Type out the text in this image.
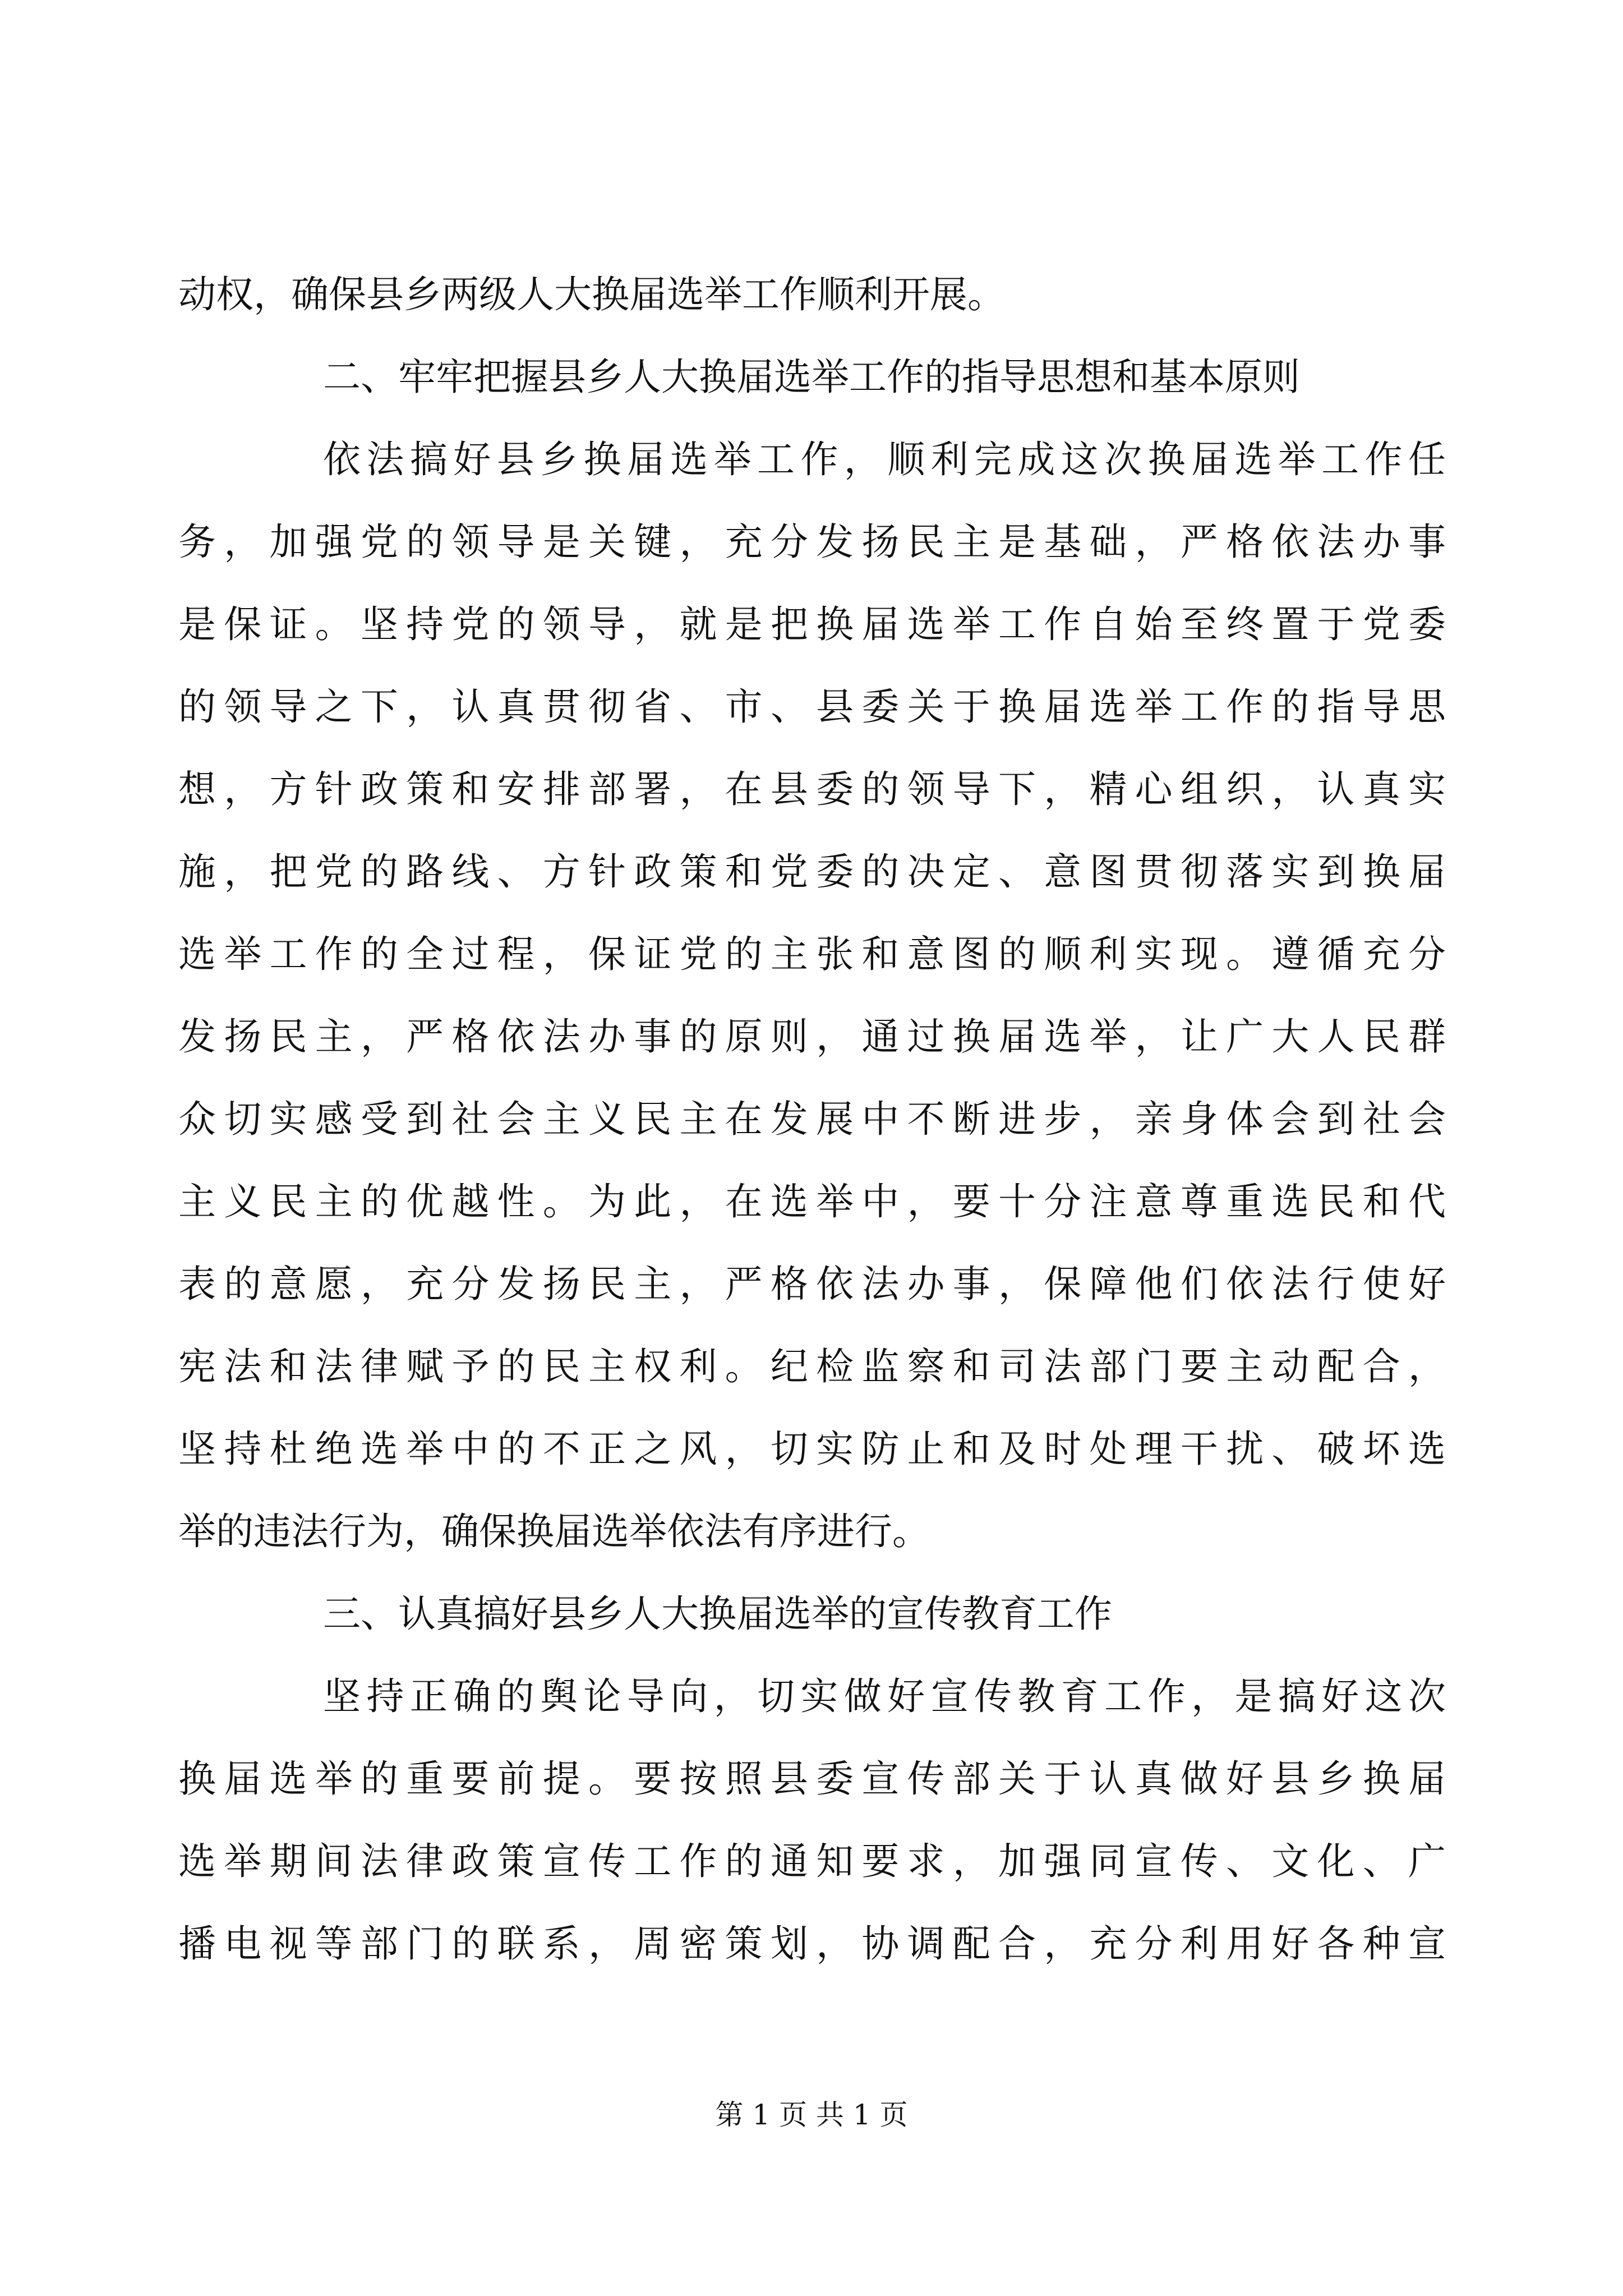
动权，确保县乡两级人大换届选举工作顺利开展。
二、牢牢把握县乡人大换届选举工作的指导思想和基本原则
依法搞好县乡换届选举工作，顺利完成这次换届选举工作任
务，加强党的领导是关键，充分发扬民主是基础，严格依法办事
是保证。坚持党的领导，就是把换届选举工作自始至终置于党委
的领导之下，认真贯彻省、市、县委关于换届选举工作的指导思
想，方针政策和安排部署，在县委的领导下，精心组织，认真实
施，把党的路线、方针政策和党委的决定、意图贯彻落实到换届
选举工作的全过程，保证党的主张和意图的顺利实现。遵循充分
发扬民主，严格依法办事的原则，通过换届选举，让广大人民群
众切实感受到社会主义民主在发展中不断进步，亲身体会到社会
主义民主的优越性。为此，在选举中，要十分注意尊重选民和代
表的意愿，充分发扬民主，严格依法办事，保障他们依法行使好
宪法和法律赋予的民主权利。纪检监察和司法部门要主动配合，
坚持杜绝选举中的不正之风，切实防止和及时处理干扰、破坏选
举的违法行为，确保换届选举依法有序进行。
三、认真搞好县乡人大换届选举的宣传教育工作
坚持正确的舆论导向，切实做好宣传教育工作，是搞好这次
换届选举的重要前提。要按照县委宣传部关于认真做好县乡换届
选举期间法律政策宣传工作的通知要求，加强同宣传、文化、广
播电视等部门的联系，周密策划，协调配合，充分利用好各种宣
第 1 页 共 1 页
